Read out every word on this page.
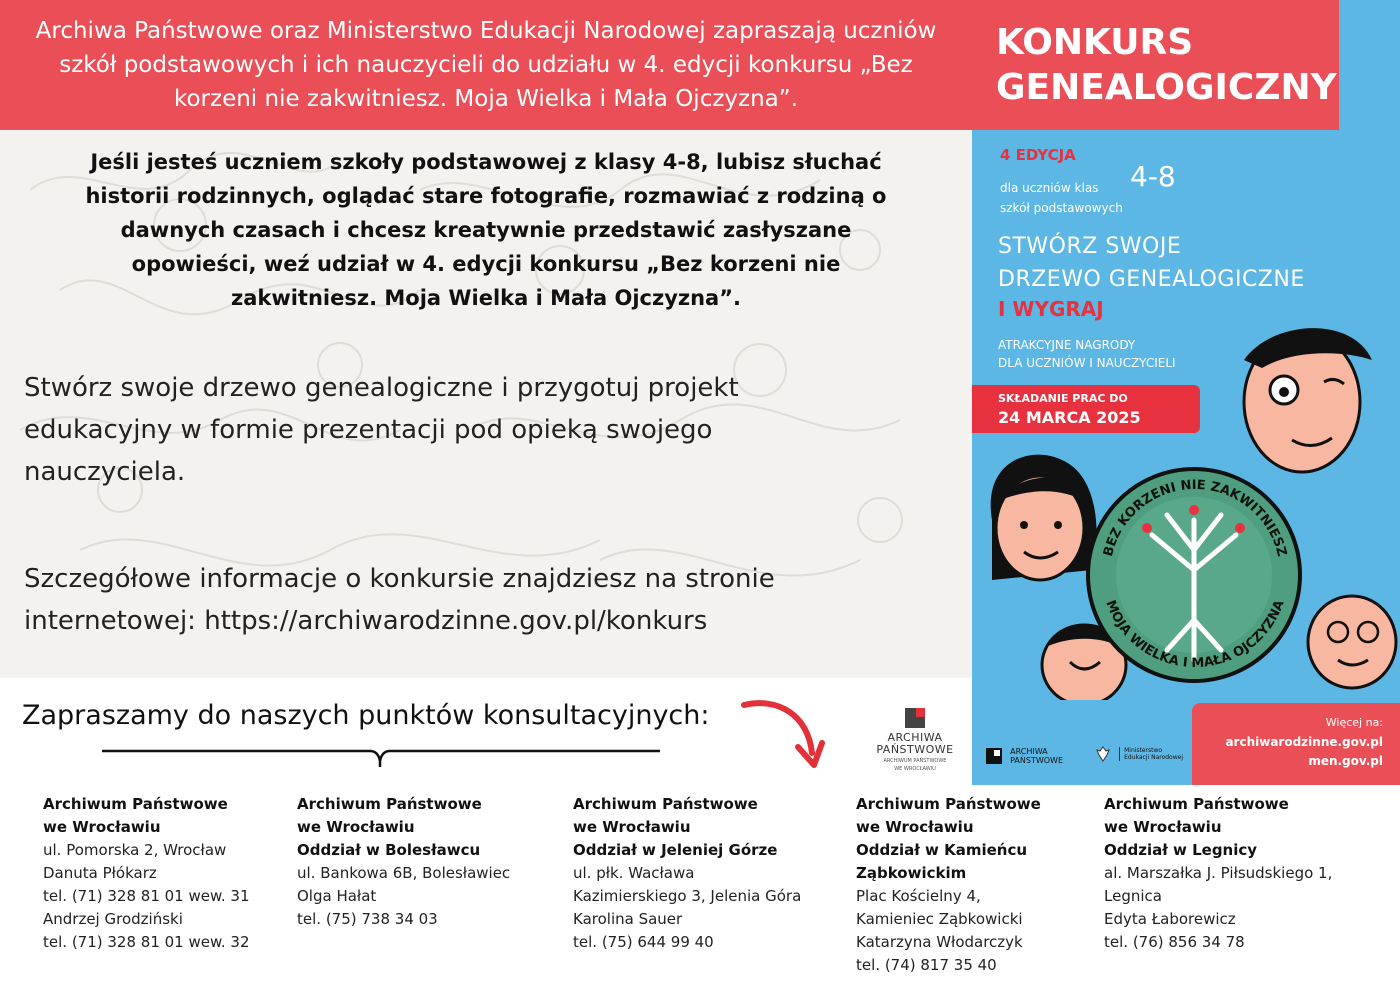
Archiwa Państwowe oraz Ministerstwo Edukacji Narodowej zapraszają uczniów szkół podstawowych i ich nauczycieli do udziału w 4. edycji konkursu „Bez korzeni nie zakwitniesz. Moja Wielka i Mała Ojczyzna”.
Jeśli jesteś uczniem szkoły podstawowej z klasy 4-8, lubisz słuchać historii rodzinnych, oglądać stare fotografie, rozmawiać z rodziną o dawnych czasach i chcesz kreatywnie przedstawić zasłyszane opowieści, weź udział w 4. edycji konkursu „Bez korzeni nie zakwitniesz. Moja Wielka i Mała Ojczyzna”.
Stwórz swoje drzewo genealogiczne i przygotuj projekt edukacyjny w formie prezentacji pod opieką swojego nauczyciela.
Szczegółowe informacje o konkursie znajdziesz na stronie internetowej: https://archiwarodzinne.gov.pl/konkurs
Zapraszamy do naszych punktów konsultacyjnych:
ARCHIWA
PAŃSTWOWE
ARCHIWUM PAŃSTWOWE
WE WROCŁAWIU
KONKURS
GENEALOGICZNY
4 EDYCJA
dla uczniów klas
szkół podstawowych
4-8
STWÓRZ SWOJE
DRZEWO GENEALOGICZNE
I WYGRAJ
ATRAKCYJNE NAGRODY
DLA UCZNIÓW I NAUCZYCIELI
SKŁADANIE PRAC DO
24 MARCA 2025
Więcej na:
archiwarodzinne.gov.pl
men.gov.pl

ARCHIWA
PAŃSTWOWE

Ministerstwo
Edukacji Narodowej
BEZ KORZENI NIE ZAKWITNIESZ
MOJA WIELKA I MAŁA OJCZYZNA
Archiwum Państwowe
we Wrocławiu
ul. Pomorska 2, Wrocław
Danuta Płókarz
tel. (71) 328 81 01 wew. 31
Andrzej Grodziński
tel. (71) 328 81 01 wew. 32
Archiwum Państwowe
we Wrocławiu
Oddział w Bolesławcu
ul. Bankowa 6B, Bolesławiec
Olga Hałat
tel. (75) 738 34 03
Archiwum Państwowe
we Wrocławiu
Oddział w Jeleniej Górze
ul. płk. Wacława
Kazimierskiego 3, Jelenia Góra
Karolina Sauer
tel. (75) 644 99 40
Archiwum Państwowe
we Wrocławiu
Oddział w Kamieńcu
Ząbkowickim
Plac Kościelny 4,
Kamieniec Ząbkowicki
Katarzyna Włodarczyk
tel. (74) 817 35 40
Archiwum Państwowe
we Wrocławiu
Oddział w Legnicy
al. Marszałka J. Piłsudskiego 1,
Legnica
Edyta Łaborewicz
tel. (76) 856 34 78
